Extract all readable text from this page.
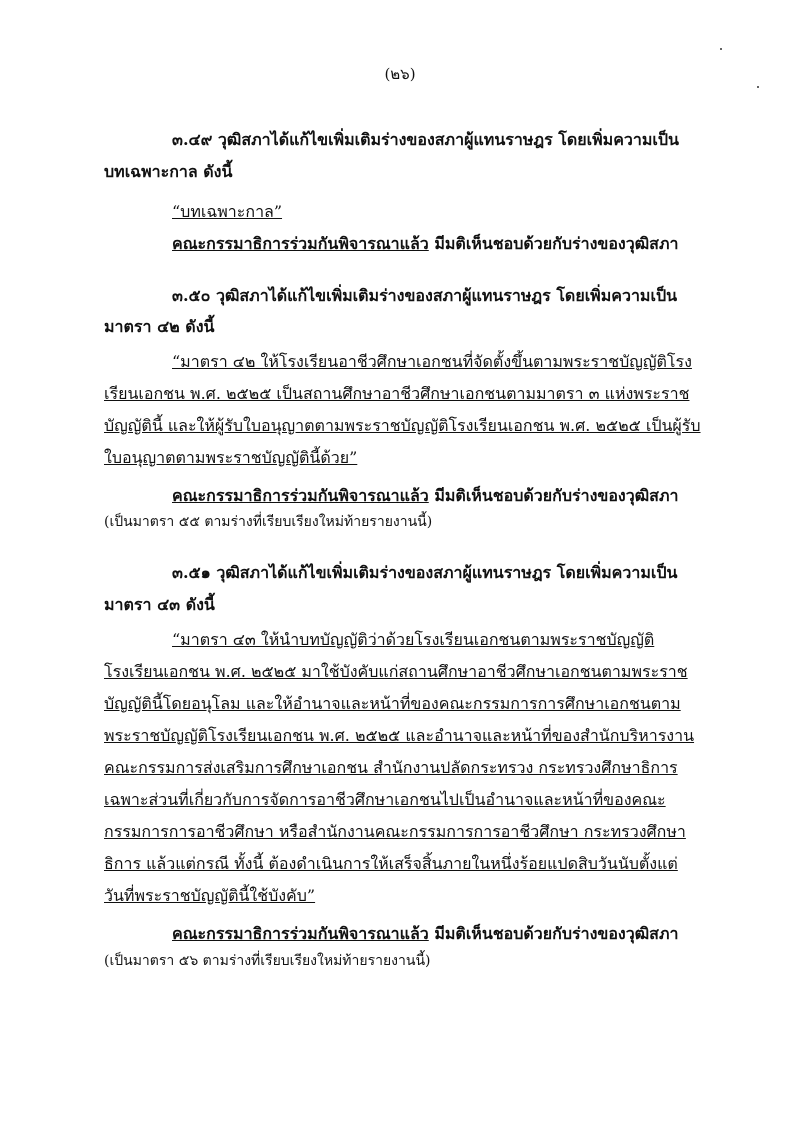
(๒๖)
๓.๔๙ วุฒิสภาได้แก้ไขเพิ่มเติมร่างของสภาผู้แทนราษฎร โดยเพิ่มความเป็น
บทเฉพาะกาล ดังนี้
“บทเฉพาะกาล”
คณะกรรมาธิการร่วมกันพิจารณาแล้ว มีมติเห็นชอบด้วยกับร่างของวุฒิสภา
๓.๕๐ วุฒิสภาได้แก้ไขเพิ่มเติมร่างของสภาผู้แทนราษฎร โดยเพิ่มความเป็น
มาตรา ๔๒ ดังนี้
“มาตรา ๔๒ ให้โรงเรียนอาชีวศึกษาเอกชนที่จัดตั้งขึ้นตามพระราชบัญญัติโรง
เรียนเอกชน พ.ศ. ๒๕๒๕ เป็นสถานศึกษาอาชีวศึกษาเอกชนตามมาตรา ๓ แห่งพระราช
บัญญัตินี้ และให้ผู้รับใบอนุญาตตามพระราชบัญญัติโรงเรียนเอกชน พ.ศ. ๒๕๒๕ เป็นผู้รับ
ใบอนุญาตตามพระราชบัญญัตินี้ด้วย”
คณะกรรมาธิการร่วมกันพิจารณาแล้ว มีมติเห็นชอบด้วยกับร่างของวุฒิสภา
(เป็นมาตรา ๕๕ ตามร่างที่เรียบเรียงใหม่ท้ายรายงานนี้)
๓.๕๑ วุฒิสภาได้แก้ไขเพิ่มเติมร่างของสภาผู้แทนราษฎร โดยเพิ่มความเป็น
มาตรา ๔๓ ดังนี้
“มาตรา ๔๓ ให้นำบทบัญญัติว่าด้วยโรงเรียนเอกชนตามพระราชบัญญัติ
โรงเรียนเอกชน พ.ศ. ๒๕๒๕ มาใช้บังคับแก่สถานศึกษาอาชีวศึกษาเอกชนตามพระราช
บัญญัตินี้โดยอนุโลม และให้อำนาจและหน้าที่ของคณะกรรมการการศึกษาเอกชนตาม
พระราชบัญญัติโรงเรียนเอกชน พ.ศ. ๒๕๒๕ และอำนาจและหน้าที่ของสำนักบริหารงาน
คณะกรรมการส่งเสริมการศึกษาเอกชน สำนักงานปลัดกระทรวง กระทรวงศึกษาธิการ
เฉพาะส่วนที่เกี่ยวกับการจัดการอาชีวศึกษาเอกชนไปเป็นอำนาจและหน้าที่ของคณะ
กรรมการการอาชีวศึกษา หรือสำนักงานคณะกรรมการการอาชีวศึกษา กระทรวงศึกษา
ธิการ แล้วแต่กรณี ทั้งนี้ ต้องดำเนินการให้เสร็จสิ้นภายในหนึ่งร้อยแปดสิบวันนับตั้งแต่
วันที่พระราชบัญญัตินี้ใช้บังคับ”
คณะกรรมาธิการร่วมกันพิจารณาแล้ว มีมติเห็นชอบด้วยกับร่างของวุฒิสภา
(เป็นมาตรา ๕๖ ตามร่างที่เรียบเรียงใหม่ท้ายรายงานนี้)
